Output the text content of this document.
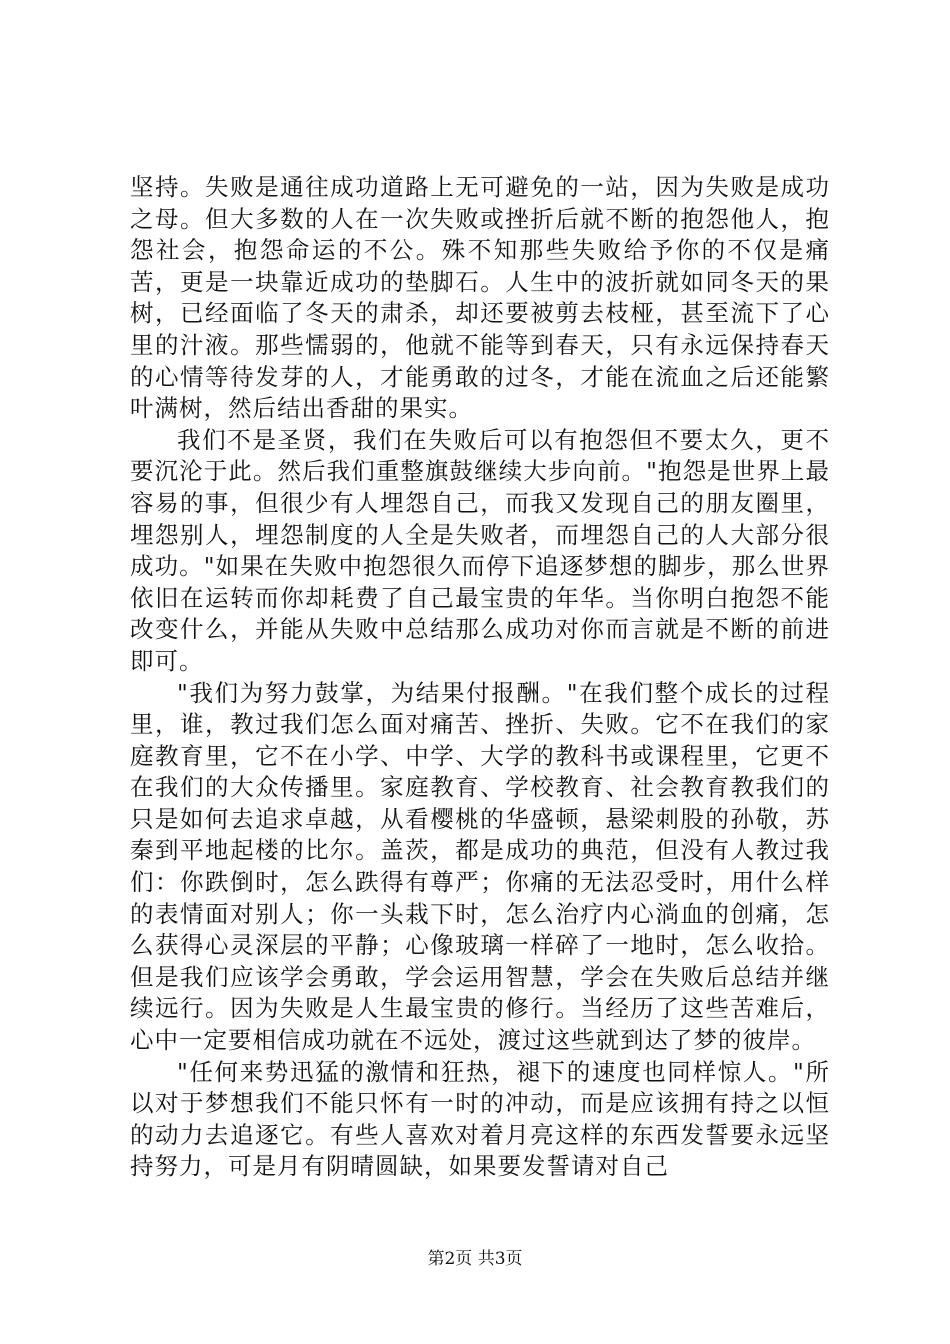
坚持。失败是通往成功道路上无可避免的一站，因为失败是成功之母。但大多数的人在一次失败或挫折后就不断的抱怨他人，抱怨社会，抱怨命运的不公。殊不知那些失败给予你的不仅是痛苦，更是一块靠近成功的垫脚石。人生中的波折就如同冬天的果树，已经面临了冬天的肃杀，却还要被剪去枝桠，甚至流下了心里的汁液。那些懦弱的，他就不能等到春天，只有永远保持春天的心情等待发芽的人，才能勇敢的过冬，才能在流血之后还能繁叶满树，然后结出香甜的果实。

我们不是圣贤，我们在失败后可以有抱怨但不要太久，更不要沉沦于此。然后我们重整旗鼓继续大步向前。"抱怨是世界上最容易的事，但很少有人埋怨自己，而我又发现自己的朋友圈里，埋怨别人，埋怨制度的人全是失败者，而埋怨自己的人大部分很成功。"如果在失败中抱怨很久而停下追逐梦想的脚步，那么世界依旧在运转而你却耗费了自己最宝贵的年华。当你明白抱怨不能改变什么，并能从失败中总结那么成功对你而言就是不断的前进即可。

"我们为努力鼓掌，为结果付报酬。"在我们整个成长的过程里，谁，教过我们怎么面对痛苦、挫折、失败。它不在我们的家庭教育里，它不在小学、中学、大学的教科书或课程里，它更不在我们的大众传播里。家庭教育、学校教育、社会教育教我们的只是如何去追求卓越，从看樱桃的华盛顿，悬梁刺股的孙敬，苏秦到平地起楼的比尔。盖茨，都是成功的典范，但没有人教过我们：你跌倒时，怎么跌得有尊严；你痛的无法忍受时，用什么样的表情面对别人；你一头栽下时，怎么治疗内心淌血的创痛，怎么获得心灵深层的平静；心像玻璃一样碎了一地时，怎么收拾。但是我们应该学会勇敢，学会运用智慧，学会在失败后总结并继续远行。因为失败是人生最宝贵的修行。当经历了这些苦难后，心中一定要相信成功就在不远处，渡过这些就到达了梦的彼岸。

"任何来势迅猛的激情和狂热，褪下的速度也同样惊人。"所以对于梦想我们不能只怀有一时的冲动，而是应该拥有持之以恒的动力去追逐它。有些人喜欢对着月亮这样的东西发誓要永远坚持努力，可是月有阴晴圆缺，如果要发誓请对自己

第2页 共3页
